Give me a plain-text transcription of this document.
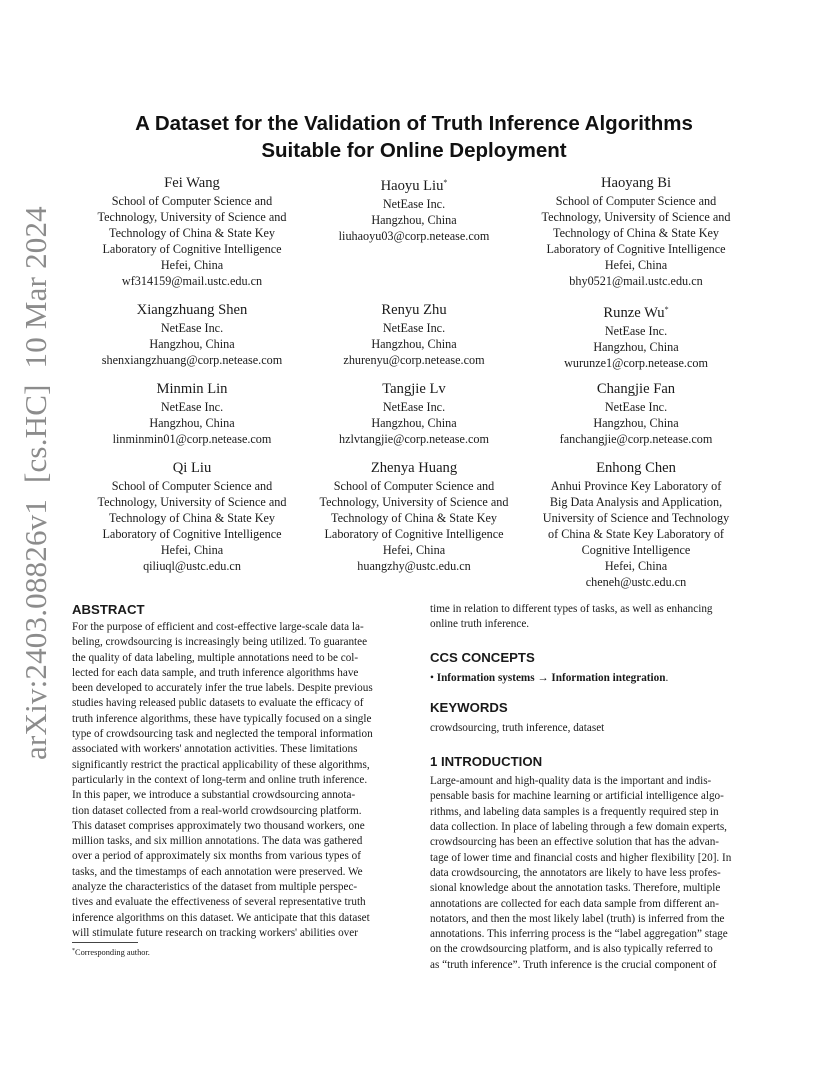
arXiv:2403.08826v1  [cs.HC]  10 Mar 2024
A Dataset for the Validation of Truth Inference Algorithms
Suitable for Online Deployment
Fei Wang
School of Computer Science and
Technology, University of Science and
Technology of China & State Key
Laboratory of Cognitive Intelligence
Hefei, China
wf314159@mail.ustc.edu.cn
Haoyu Liu*
NetEase Inc.
Hangzhou, China
liuhaoyu03@corp.netease.com
Haoyang Bi
School of Computer Science and
Technology, University of Science and
Technology of China & State Key
Laboratory of Cognitive Intelligence
Hefei, China
bhy0521@mail.ustc.edu.cn
Xiangzhuang Shen
NetEase Inc.
Hangzhou, China
shenxiangzhuang@corp.netease.com
Renyu Zhu
NetEase Inc.
Hangzhou, China
zhurenyu@corp.netease.com
Runze Wu*
NetEase Inc.
Hangzhou, China
wurunze1@corp.netease.com
Minmin Lin
NetEase Inc.
Hangzhou, China
linminmin01@corp.netease.com
Tangjie Lv
NetEase Inc.
Hangzhou, China
hzlvtangjie@corp.netease.com
Changjie Fan
NetEase Inc.
Hangzhou, China
fanchangjie@corp.netease.com
Qi Liu
School of Computer Science and
Technology, University of Science and
Technology of China & State Key
Laboratory of Cognitive Intelligence
Hefei, China
qiliuql@ustc.edu.cn
Zhenya Huang
School of Computer Science and
Technology, University of Science and
Technology of China & State Key
Laboratory of Cognitive Intelligence
Hefei, China
huangzhy@ustc.edu.cn
Enhong Chen
Anhui Province Key Laboratory of
Big Data Analysis and Application,
University of Science and Technology
of China & State Key Laboratory of
Cognitive Intelligence
Hefei, China
cheneh@ustc.edu.cn
ABSTRACT
For the purpose of efficient and cost-effective large-scale data la-
beling, crowdsourcing is increasingly being utilized. To guarantee
the quality of data labeling, multiple annotations need to be col-
lected for each data sample, and truth inference algorithms have
been developed to accurately infer the true labels. Despite previous
studies having released public datasets to evaluate the efficacy of
truth inference algorithms, these have typically focused on a single
type of crowdsourcing task and neglected the temporal information
associated with workers' annotation activities. These limitations
significantly restrict the practical applicability of these algorithms,
particularly in the context of long-term and online truth inference.
In this paper, we introduce a substantial crowdsourcing annota-
tion dataset collected from a real-world crowdsourcing platform.
This dataset comprises approximately two thousand workers, one
million tasks, and six million annotations. The data was gathered
over a period of approximately six months from various types of
tasks, and the timestamps of each annotation were preserved. We
analyze the characteristics of the dataset from multiple perspec-
tives and evaluate the effectiveness of several representative truth
inference algorithms on this dataset. We anticipate that this dataset
will stimulate future research on tracking workers' abilities over
*Corresponding author.
time in relation to different types of tasks, as well as enhancing
online truth inference.
CCS CONCEPTS
• Information systems → Information integration.
KEYWORDS
crowdsourcing, truth inference, dataset
1 INTRODUCTION
Large-amount and high-quality data is the important and indis-
pensable basis for machine learning or artificial intelligence algo-
rithms, and labeling data samples is a frequently required step in
data collection. In place of labeling through a few domain experts,
crowdsourcing has been an effective solution that has the advan-
tage of lower time and financial costs and higher flexibility [20]. In
data crowdsourcing, the annotators are likely to have less profes-
sional knowledge about the annotation tasks. Therefore, multiple
annotations are collected for each data sample from different an-
notators, and then the most likely label (truth) is inferred from the
annotations. This inferring process is the “label aggregation” stage
on the crowdsourcing platform, and is also typically referred to
as “truth inference”. Truth inference is the crucial component of
